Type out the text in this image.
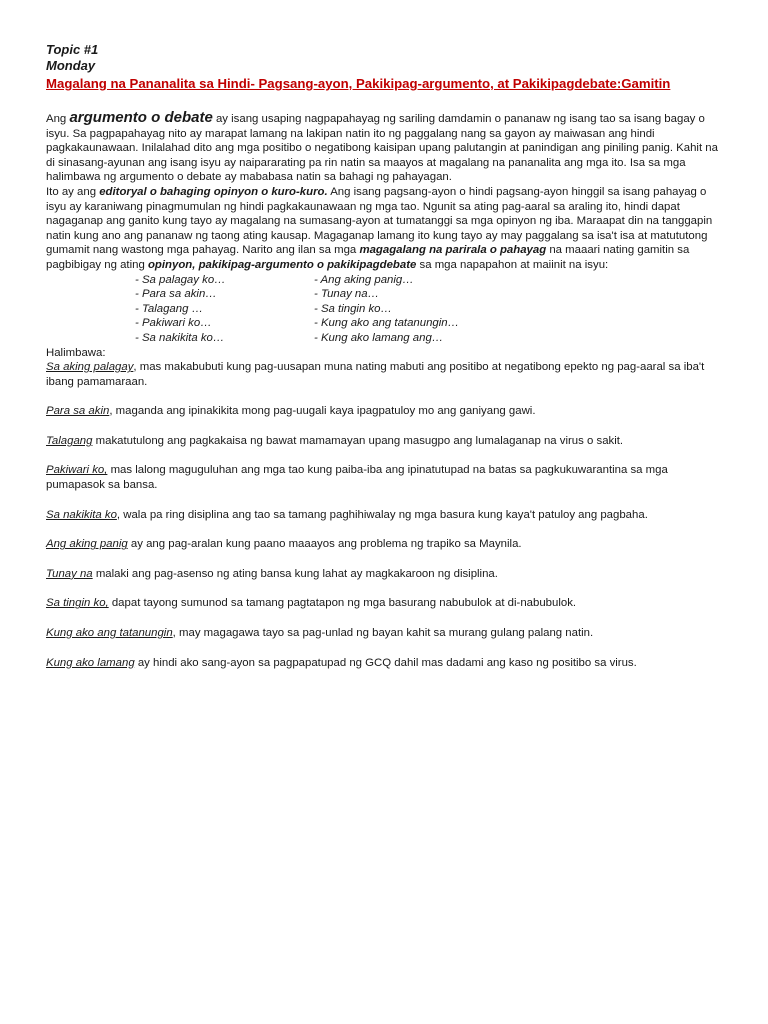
Topic #1
Monday
Magalang na Pananalita sa Hindi- Pagsang-ayon, Pakikipag-argumento, at Pakikipagdebate:Gamitin
Ang argumento o debate ay isang usaping nagpapahayag ng sariling damdamin o pananaw ng isang tao sa isang bagay o isyu. Sa pagpapahayag nito ay marapat lamang na lakipan natin ito ng paggalang nang sa gayon ay maiwasan ang hindi pagkakaunawaan. Inilalahad dito ang mga positibo o negatibong kaisipan upang palutangin at panindigan ang piniling panig. Kahit na di sinasang-ayunan ang isang isyu ay naipararating pa rin natin sa maayos at magalang na pananalita ang mga ito. Isa sa mga halimbawa ng argumento o debate ay mababasa natin sa bahagi ng pahayagan.
Ito ay ang editoryal o bahaging opinyon o kuro-kuro. Ang isang pagsang-ayon o hindi pagsang-ayon hinggil sa isang pahayag o isyu ay karaniwang pinagmumulan ng hindi pagkakaunawaan ng mga tao. Ngunit sa ating pag-aaral sa araling ito, hindi dapat nagaganap ang ganito kung tayo ay magalang na sumasang-ayon at tumatanggi sa mga opinyon ng iba. Maraapat din na tanggapin natin kung ano ang pananaw ng taong ating kausap. Magaganap lamang ito kung tayo ay may paggalang sa isa't isa at matututong gumamit nang wastong mga pahayag. Narito ang ilan sa mga magagalang na parirala o pahayag na maaari nating gamitin sa pagbibigay ng ating opinyon, pakikipag-argumento o pakikipagdebate sa mga napapahon at maiinit na isyu:
- Sa palagay ko…	- Ang aking panig…
- Para sa akin…	- Tunay na…
- Talagang …	- Sa tingin ko…
- Pakiwari ko…	- Kung ako ang tatanungin…
- Sa nakikita ko…	- Kung ako lamang ang…
Halimbawa:
Sa aking palagay, mas makabubuti kung pag-uusapan muna nating mabuti ang positibo at negatibong epekto ng pag-aaral sa iba't ibang pamamaraan.
Para sa akin, maganda ang ipinakikita mong pag-uugali kaya ipagpatuloy mo ang ganiyang gawi.
Talagang makatutulong ang pagkakaisa ng bawat mamamayan upang masugpo ang lumalaganap na virus o sakit.
Pakiwari ko, mas lalong maguguluhan ang mga tao kung paiba-iba ang ipinatutupad na batas sa pagkukuwarantina sa mga pumapasok sa bansa.
Sa nakikita ko, wala pa ring disiplina ang tao sa tamang paghihiwalay ng mga basura kung kaya't patuloy ang pagbaha.
Ang aking panig ay ang pag-aralan kung paano maaayos ang problema ng trapiko sa Maynila.
Tunay na malaki ang pag-asenso ng ating bansa kung lahat ay magkakaroon ng disiplina.
Sa tingin ko, dapat tayong sumunod sa tamang pagtatapon ng mga basurang nabubulok at di-nabubulok.
Kung ako ang tatanungin, may magagawa tayo sa pag-unlad ng bayan kahit sa murang gulang palang natin.
Kung ako lamang ay hindi ako sang-ayon sa pagpapatupad ng GCQ dahil mas dadami ang kaso ng positibo sa virus.
